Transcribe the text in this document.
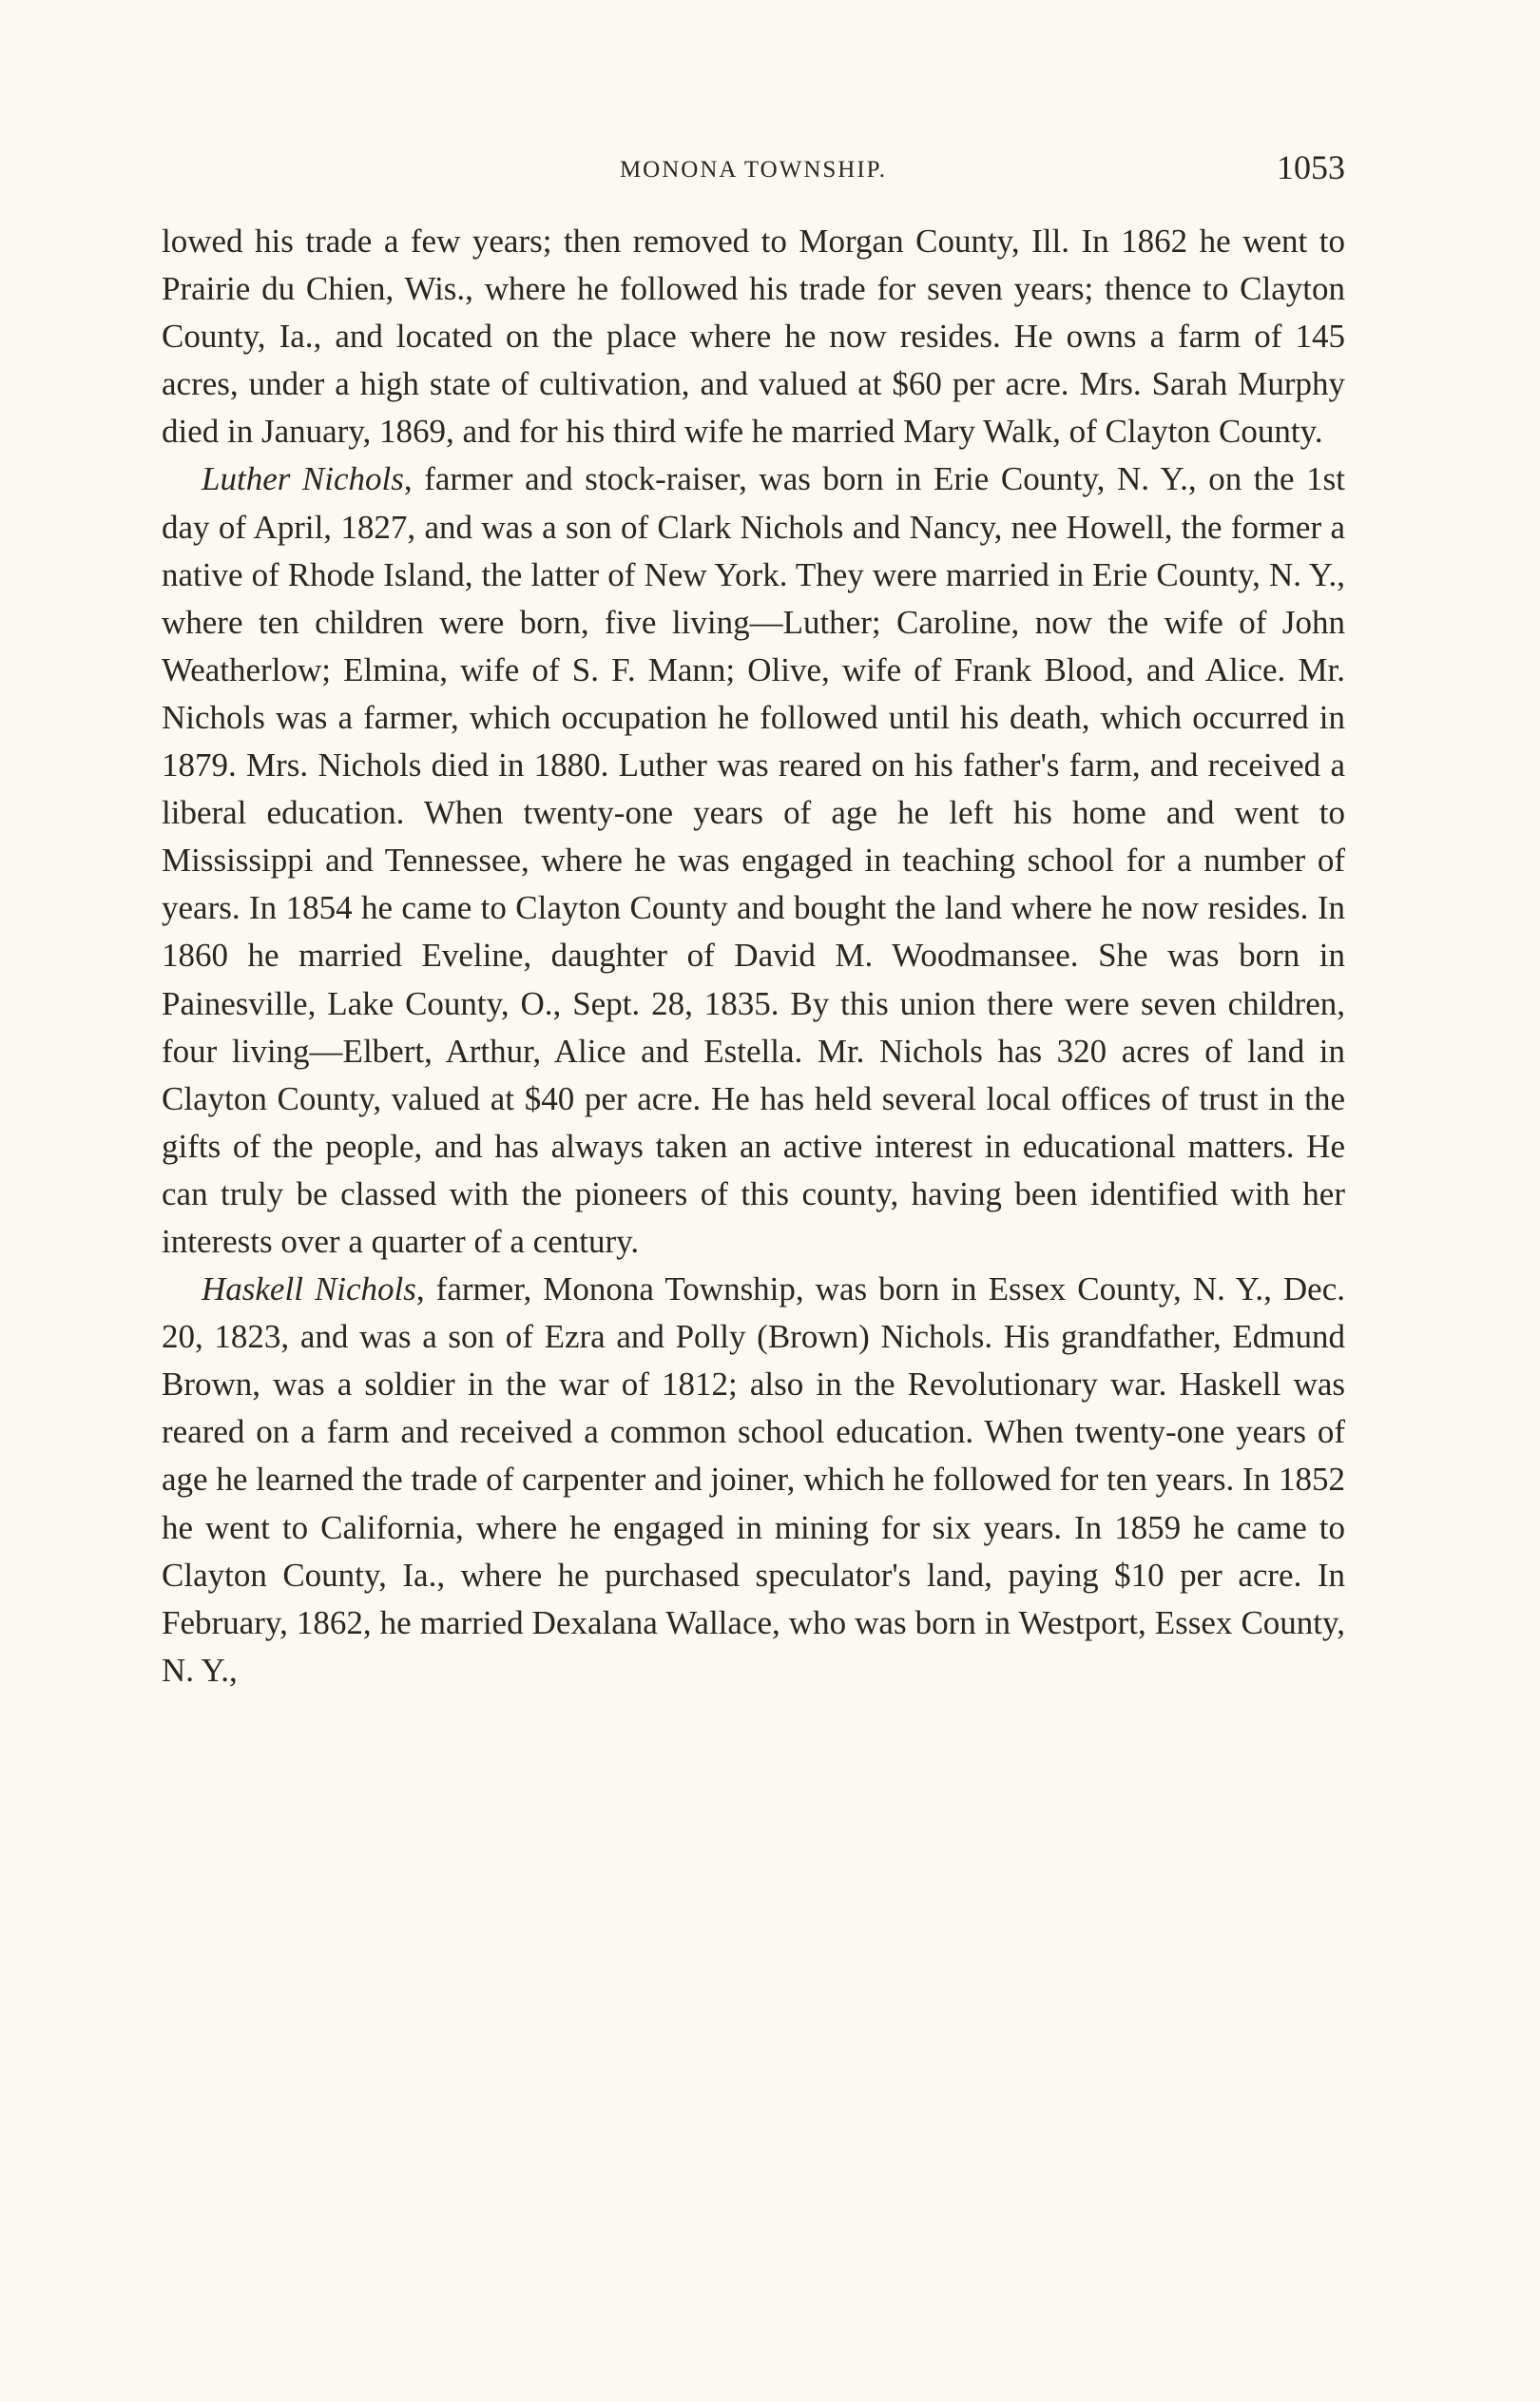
MONONA TOWNSHIP.	1053

lowed his trade a few years; then removed to Morgan County, Ill. In 1862 he went to Prairie du Chien, Wis., where he followed his trade for seven years; thence to Clayton County, Ia., and located on the place where he now resides. He owns a farm of 145 acres, under a high state of cultivation, and valued at $60 per acre. Mrs. Sarah Murphy died in January, 1869, and for his third wife he married Mary Walk, of Clayton County.

Luther Nichols, farmer and stock-raiser, was born in Erie County, N. Y., on the 1st day of April, 1827, and was a son of Clark Nichols and Nancy, nee Howell, the former a native of Rhode Island, the latter of New York. They were married in Erie County, N. Y., where ten children were born, five living—Luther; Caroline, now the wife of John Weatherlow; Elmina, wife of S. F. Mann; Olive, wife of Frank Blood, and Alice. Mr. Nichols was a farmer, which occupation he followed until his death, which occurred in 1879. Mrs. Nichols died in 1880. Luther was reared on his father's farm, and received a liberal education. When twenty-one years of age he left his home and went to Mississippi and Tennessee, where he was engaged in teaching school for a number of years. In 1854 he came to Clayton County and bought the land where he now resides. In 1860 he married Eveline, daughter of David M. Woodmansee. She was born in Painesville, Lake County, O., Sept. 28, 1835. By this union there were seven children, four living—Elbert, Arthur, Alice and Estella. Mr. Nichols has 320 acres of land in Clayton County, valued at $40 per acre. He has held several local offices of trust in the gifts of the people, and has always taken an active interest in educational matters. He can truly be classed with the pioneers of this county, having been identified with her interests over a quarter of a century.

Haskell Nichols, farmer, Monona Township, was born in Essex County, N. Y., Dec. 20, 1823, and was a son of Ezra and Polly (Brown) Nichols. His grandfather, Edmund Brown, was a soldier in the war of 1812; also in the Revolutionary war. Haskell was reared on a farm and received a common school education. When twenty-one years of age he learned the trade of carpenter and joiner, which he followed for ten years. In 1852 he went to California, where he engaged in mining for six years. In 1859 he came to Clayton County, Ia., where he purchased speculator's land, paying $10 per acre. In February, 1862, he married Dexalana Wallace, who was born in Westport, Essex County, N. Y.,
